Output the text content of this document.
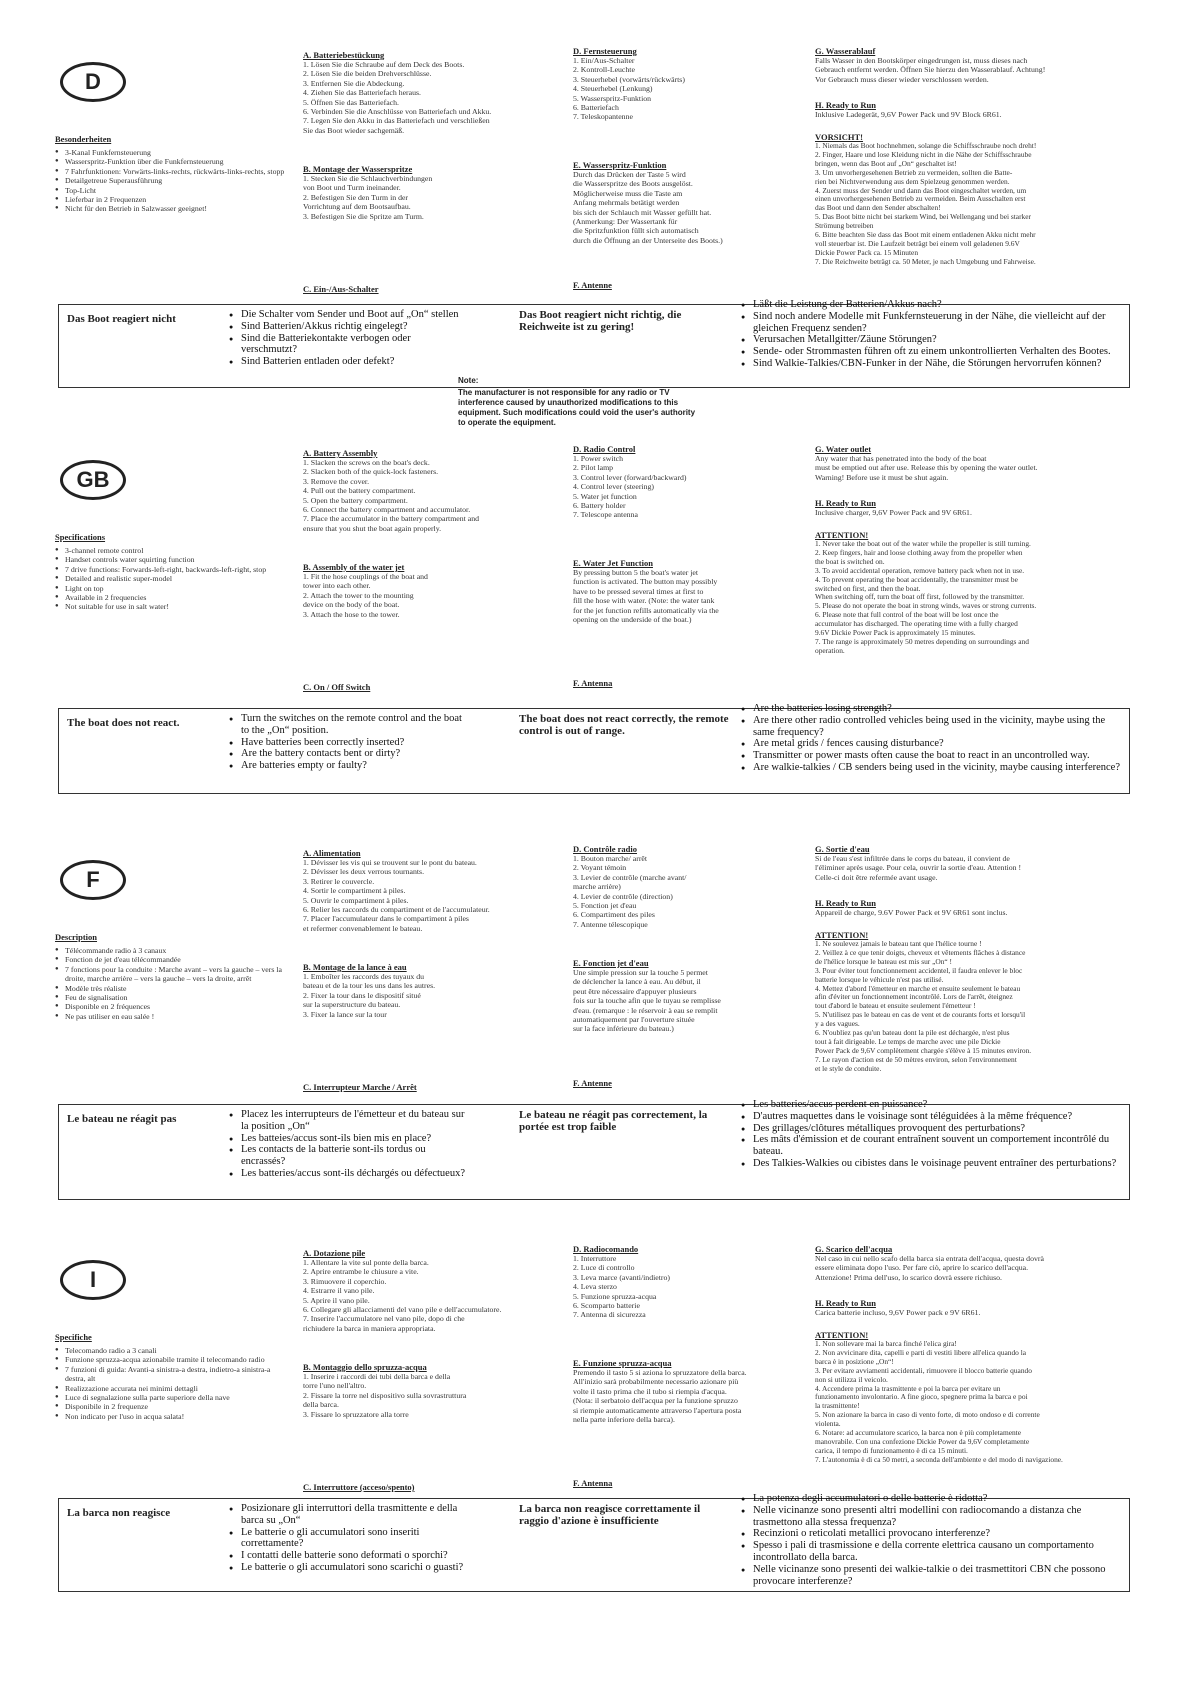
D
Besonderheiten
● 3-Kanal Funkfernsteuerung
● Wasserspritz-Funktion über die Funkfernsteuerung
● 7 Fahrfunktionen: Vorwärts-links-rechts, rückwärts-links-rechts, stopp
● Detailgetreue Superausführung
● Top-Licht
● Lieferbar in 2 Frequenzen
● Nicht für den Betrieb in Salzwasser geeignet!
A. Batteriebestückung
1. Lösen Sie die Schraube auf dem Deck des Boots.
2. Lösen Sie die beiden Drehverschlüsse.
3. Entfernen Sie die Abdeckung.
4. Ziehen Sie das Batteriefach heraus.
5. Öffnen Sie das Batteriefach.
6. Verbinden Sie die Anschlüsse von Batteriefach und Akku.
7. Legen Sie den Akku in das Batteriefach und verschließen
Sie das Boot wieder sachgemäß.
B. Montage der Wasserspritze
1. Stecken Sie die Schlauchverbindungen
von Boot und Turm ineinander.
2. Befestigen Sie den Turm in der
Vorrichtung auf dem Bootsaufbau.
3. Befestigen Sie die Spritze am Turm.
C. Ein-/Aus-Schalter
D. Fernsteuerung
1. Ein/Aus-Schalter
2. Kontroll-Leuchte
3. Steuerhebel (vorwärts/rückwärts)
4. Steuerhebel (Lenkung)
5. Wasserspritz-Funktion
6. Batteriefach
7. Teleskopantenne
E. Wasserspritz-Funktion
Durch das Drücken der Taste 5 wird
die Wasserspritze des Boots ausgelöst.
Möglicherweise muss die Taste am
Anfang mehrmals betätigt werden
bis sich der Schlauch mit Wasser gefüllt hat.
(Anmerkung: Der Wassertank für
die Spritzfunktion füllt sich automatisch
durch die Öffnung an der Unterseite des Boots.)
F. Antenne
G. Wasserablauf
Falls Wasser in den Bootskörper eingedrungen ist, muss dieses nach
Gebrauch entfernt werden. Öffnen Sie hierzu den Wasserablauf. Achtung!
Vor Gebrauch muss dieser wieder verschlossen werden.
H. Ready to Run
Inklusive Ladegerät, 9,6V Power Pack und 9V Block 6R61.
VORSICHT!
1. Niemals das Boot hochnehmen, solange die Schiffsschraube noch dreht!
2. Finger, Haare und lose Kleidung nicht in die Nähe der Schiffsschraube
bringen, wenn das Boot auf „On“ geschaltet ist!
3. Um unvorhergesehenen Betrieb zu vermeiden, sollten die Batte-
rien bei Nichtverwendung aus dem Spielzeug genommen werden.
4. Zuerst muss der Sender und dann das Boot eingeschaltet werden, um
einen unvorhergesehenen Betrieb zu vermeiden. Beim Ausschalten erst
das Boot und dann den Sender abschalten!
5. Das Boot bitte nicht bei starkem Wind, bei Wellengang und bei starker
Strömung betreiben
6. Bitte beachten Sie dass das Boot mit einem entladenen Akku nicht mehr
voll steuerbar ist. Die Laufzeit beträgt bei einem voll geladenen 9.6V
Dickie Power Pack ca. 15 Minuten
7. Die Reichweite beträgt ca. 50 Meter, je nach Umgebung und Fahrweise.
Das Boot reagiert nicht	● Die Schalter vom Sender und Boot auf „On“ stellen
● Sind Batterien/Akkus richtig eingelegt?
● Sind die Batteriekontakte verbogen oder verschmutzt?
● Sind Batterien entladen oder defekt?
Das Boot reagiert nicht richtig, die Reichweite ist zu gering!
● Läßt die Leistung der Batterien/Akkus nach?
● Sind noch andere Modelle mit Funkfernsteuerung in der Nähe, die vielleicht auf der gleichen Frequenz senden?
● Verursachen Metallgitter/Zäune Störungen?
● Sende- oder Strommasten führen oft zu einem unkontrollierten Verhalten des Bootes.
● Sind Walkie-Talkies/CBN-Funker in der Nähe, die Störungen hervorrufen können?
GB
Specifications
● 3-channel remote control
● Handset controls water squirting function
● 7 drive functions: Forwards-left-right, backwards-left-right, stop
● Detailed and realistic super-model
● Light on top
● Available in 2 frequencies
● Not suitable for use in salt water!
A. Battery Assembly
1. Slacken the screws on the boat's deck.
2. Slacken both of the quick-lock fasteners.
3. Remove the cover.
4. Pull out the battery compartment.
5. Open the battery compartment.
6. Connect the battery compartment and accumulator.
7. Place the accumulator in the battery compartment and
ensure that you shut the boat again properly.
B. Assembly of the water jet
1. Fit the hose couplings of the boat and
tower into each other.
2. Attach the tower to the mounting
device on the body of the boat.
3. Attach the hose to the tower.
C. On / Off Switch
D. Radio Control
1. Power switch
2. Pilot lamp
3. Control lever (forward/backward)
4. Control lever (steering)
5. Water jet function
6. Battery holder
7. Telescope antenna
E. Water Jet Function
By pressing button 5 the boat's water jet
function is activated. The button may possibly
have to be pressed several times at first to
fill the hose with water. (Note: the water tank
for the jet function refills automatically via the
opening on the underside of the boat.)
F. Antenna
G. Water outlet
Any water that has penetrated into the body of the boat
must be emptied out after use. Release this by opening the water outlet.
Warning! Before use it must be shut again.
H. Ready to Run
Inclusive charger, 9,6V Power Pack and 9V 6R61.
ATTENTION!
1. Never take the boat out of the water while the propeller is still turning.
2. Keep fingers, hair and loose clothing away from the propeller when
the boat is switched on.
3. To avoid accidental operation, remove battery pack when not in use.
4. To prevent operating the boat accidentally, the transmitter must be
switched on first, and then the boat.
When switching off, turn the boat off first, followed by the transmitter.
5. Please do not operate the boat in strong winds, waves or strong currents.
6. Please note that full control of the boat will be lost once the
accumulator has discharged. The operating time with a fully charged
9.6V Dickie Power Pack is approximately 15 minutes.
7. The range is approximately 50 metres depending on surroundings and
operation.
The boat does not react.	● Turn the switches on the remote control and the boat to the „On“ position.
● Have batteries been correctly inserted?
● Are the battery contacts bent or dirty?
● Are batteries empty or faulty?
The boat does not react correctly, the remote control is out of range.
● Are the batteries losing strength?
● Are there other radio controlled vehicles being used in the vicinity, maybe using the same frequency?
● Are metal grids / fences causing disturbance?
● Transmitter or power masts often cause the boat to react in an uncontrolled way.
● Are walkie-talkies / CB senders being used in the vicinity, maybe causing interference?
F
Description
● Télécommande radio à 3 canaux
● Fonction de jet d'eau télécommandée
● 7 fonctions pour la conduite : Marche avant – vers la gauche – vers la droite, marche arrière – vers la gauche – vers la droite, arrêt
● Modèle très réaliste
● Feu de signalisation
● Disponible en 2 fréquences
● Ne pas utiliser en eau salée !
A. Alimentation
1. Dévisser les vis qui se trouvent sur le pont du bateau.
2. Dévisser les deux verrous tournants.
3. Retirer le couvercle.
4. Sortir le compartiment à piles.
5. Ouvrir le compartiment à piles.
6. Relier les raccords du compartiment et de l'accumulateur.
7. Placer l'accumulateur dans le compartiment à piles
et refermer convenablement le bateau.
B. Montage de la lance à eau
1. Emboîter les raccords des tuyaux du
bateau et de la tour les uns dans les autres.
2. Fixer la tour dans le dispositif situé
sur la superstructure du bateau.
3. Fixer la lance sur la tour
C. Interrupteur Marche / Arrêt
D. Contrôle radio
1. Bouton marche/ arrêt
2. Voyant témoin
3. Levier de contrôle (marche avant/
marche arrière)
4. Levier de contrôle (direction)
5. Fonction jet d'eau
6. Compartiment des piles
7. Antenne télescopique
E. Fonction jet d'eau
Une simple pression sur la touche 5 permet
de déclencher la lance à eau. Au début, il
peut être nécessaire d'appuyer plusieurs
fois sur la touche afin que le tuyau se remplisse
d'eau. (remarque : le réservoir à eau se remplit
automatiquement par l'ouverture située
sur la face inférieure du bateau.)
F. Antenne
G. Sortie d'eau
Si de l'eau s'est infiltrée dans le corps du bateau, il convient de
l'éliminer après usage. Pour cela, ouvrir la sortie d'eau. Attention !
Celle-ci doit être refermée avant usage.
H. Ready to Run
Appareil de charge, 9.6V Power Pack et 9V 6R61 sont inclus.
ATTENTION!
1. Ne soulevez jamais le bateau tant que l'hélice tourne !
2. Veillez à ce que tenir doigts, cheveux et vêtements flâches à distance
de l'hélice lorsque le bateau est mis sur „On“ !
3. Pour éviter tout fonctionnement accidentel, il faudra enlever le bloc
batterie lorsque le véhicule n'est pas utilisé.
4. Mettez d'abord l'émetteur en marche et ensuite seulement le bateau
afin d'éviter un fonctionnement incontrôlé. Lors de l'arrêt, éteignez
tout d'abord le bateau et ensuite seulement l'émetteur !
5. N'utilisez pas le bateau en cas de vent et de courants forts et lorsqu'il
y a des vagues.
6. N'oubliez pas qu'un bateau dont la pile est déchargée, n'est plus
tout à fait dirigeable. Le temps de marche avec une pile Dickie
Power Pack de 9,6V complètement chargée s'élève à 15 minutes environ.
7. Le rayon d'action est de 50 mètres environ, selon l'environnement
et le style de conduite.
Le bateau ne réagit pas	● Placez les interrupteurs de l'émetteur et du bateau sur la position „On“
● Les batteies/accus sont-ils bien mis en place?
● Les contacts de la batterie sont-ils tordus ou encrassés?
● Les batteries/accus sont-ils déchargés ou défectueux?
Le bateau ne réagit pas correctement, la portée est trop faible
● Les batteries/accus perdent en puissance?
● D'autres maquettes dans le voisinage sont téléguidées à la même fréquence?
● Des grillages/clôtures métalliques provoquent des perturbations?
● Les mâts d'émission et de courant entraînent souvent un comportement incontrôlé du bateau.
● Des Talkies-Walkies ou cibistes dans le voisinage peuvent entraîner des perturbations?
I
Specifiche
● Telecomando radio a 3 canali
● Funzione spruzza-acqua azionabile tramite il telecomando radio
● 7 funzioni di guida: Avanti-a sinistra-a destra, indietro-a sinistra-a destra, alt
● Realizzazione accurata nei minimi dettagli
● Luce di segnalazione sulla parte superiore della nave
● Disponibile in 2 frequenze
● Non indicato per l'uso in acqua salata!
A. Dotazione pile
1. Allentare la vite sul ponte della barca.
2. Aprire entrambe le chiusure a vite.
3. Rimuovere il coperchio.
4. Estrarre il vano pile.
5. Aprire il vano pile.
6. Collegare gli allacciamenti del vano pile e dell'accumulatore.
7. Inserire l'accumulatore nel vano pile, dopo di che
richiudere la barca in maniera appropriata.
B. Montaggio dello spruzza-acqua
1. Inserire i raccordi dei tubi della barca e della
torre l'uno nell'altro.
2. Fissare la torre nel dispositivo sulla sovrastruttura
della barca.
3. Fissare lo spruzzatore alla torre
C. Interruttore (acceso/spento)
D. Radiocomando
1. Interruttore
2. Luce di controllo
3. Leva marce (avanti/indietro)
4. Leva sterzo
5. Funzione spruzza-acqua
6. Scomparto batterie
7. Antenna di sicurezza
E. Funzione spruzza-acqua
Premendo il tasto 5 si aziona lo spruzzatore della barca.
All'inizio sarà probabilmente necessario azionare più
volte il tasto prima che il tubo si riempia d'acqua.
(Nota: il serbatoio dell'acqua per la funzione spruzzo
si riempie automaticamente attraverso l'apertura posta
nella parte inferiore della barca).
F. Antenna
G. Scarico dell'acqua
Nel caso in cui nello scafo della barca sia entrata dell'acqua, questa dovrà
essere eliminata dopo l'uso. Per fare ciò, aprire lo scarico dell'acqua.
Attenzione! Prima dell'uso, lo scarico dovrà essere richiuso.
H. Ready to Run
Carica batterie incluso, 9,6V Power pack e 9V 6R61.
ATTENTION!
1. Non sollevare mai la barca finché l'elica gira!
2. Non avvicinare dita, capelli e parti di vestiti libere all'elica quando la
barca è in posizione „On“!
3. Per evitare avviamenti accidentali, rimuovere il blocco batterie quando
non si utilizza il veicolo.
4. Accendere prima la trasmittente e poi la barca per evitare un
funzionamento involontario. A fine gioco, spegnere prima la barca e poi
la trasmittente!
5. Non azionare la barca in caso di vento forte, di moto ondoso e di corrente
violenta.
6. Notare: ad accumulatore scarico, la barca non è più completamente
manovrabile. Con una confezione Dickie Power da 9,6V completamente
carica, il tempo di funzionamento è di ca 15 minuti.
7. L'autonomia è di ca 50 metri, a seconda dell'ambiente e del modo di navigazione.
La barca non reagisce	● Posizionare gli interruttori della trasmittente e della barca su „On“
● Le batterie o gli accumulatori sono inseriti correttamente?
● I contatti delle batterie sono deformati o sporchi?
● Le batterie o gli accumulatori sono scarichi o guasti?
La barca non reagisce correttamente il raggio d'azione è insufficiente
● La potenza degli accumulatori o delle batterie è ridotta?
● Nelle vicinanze sono presenti altri modellini con radiocomando a distanza che trasmettono alla stessa frequenza?
● Recinzioni o reticolati metallici provocano interferenze?
● Spesso i pali di trasmissione e della corrente elettrica causano un comportamento incontrollato della barca.
● Nelle vicinanze sono presenti dei walkie-talkie o dei trasmettitori CBN che possono provocare interferenze?
Note:
The manufacturer is not responsible for any radio or TV interference caused by unauthorized modifications to this equipment. Such modifications could void the user's authority to operate the equipment.
